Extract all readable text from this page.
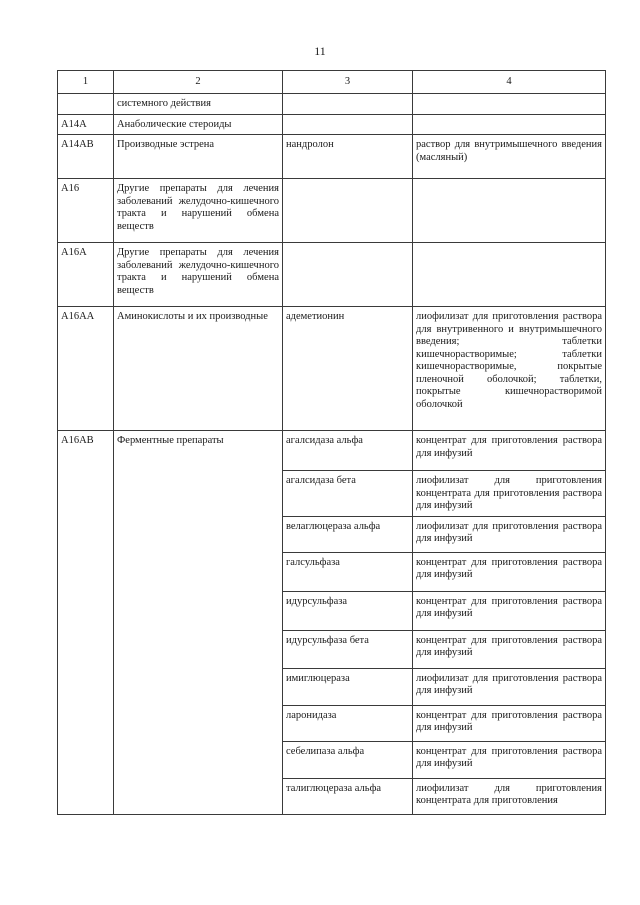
11
1	2	3	4
	системного действия		
A14A	Анаболические стероиды		
A14AB	Производные эстрена	нандролон	раствор для внутримышечного введения (масляный)
A16	Другие препараты для лечения заболеваний желудочно-кишечного тракта и нарушений обмена веществ		
A16A	Другие препараты для лечения заболеваний желудочно-кишечного тракта и нарушений обмена веществ		
A16AA	Аминокислоты и их производные	адеметионин	лиофилизат для приготовления раствора для внутривенного и внутримышечного введения; таблетки кишечнорастворимые; таблетки кишечнорастворимые, покрытые пленочной оболочкой; таблетки, покрытые кишечнорастворимой оболочкой
A16AB	Ферментные препараты	агалсидаза альфа	концентрат для приготовления раствора для инфузий
		агалсидаза бета	лиофилизат для приготовления концентрата для приготовления раствора для инфузий
		велаглюцераза альфа	лиофилизат для приготовления раствора для инфузий
		галсульфаза	концентрат для приготовления раствора для инфузий
		идурсульфаза	концентрат для приготовления раствора для инфузий
		идурсульфаза бета	концентрат для приготовления раствора для инфузий
		имиглюцераза	лиофилизат для приготовления раствора для инфузий
		ларонидаза	концентрат для приготовления раствора для инфузий
		себелипаза альфа	концентрат для приготовления раствора для инфузий
		талиглюцераза альфа	лиофилизат для приготовления концентрата для приготовления
